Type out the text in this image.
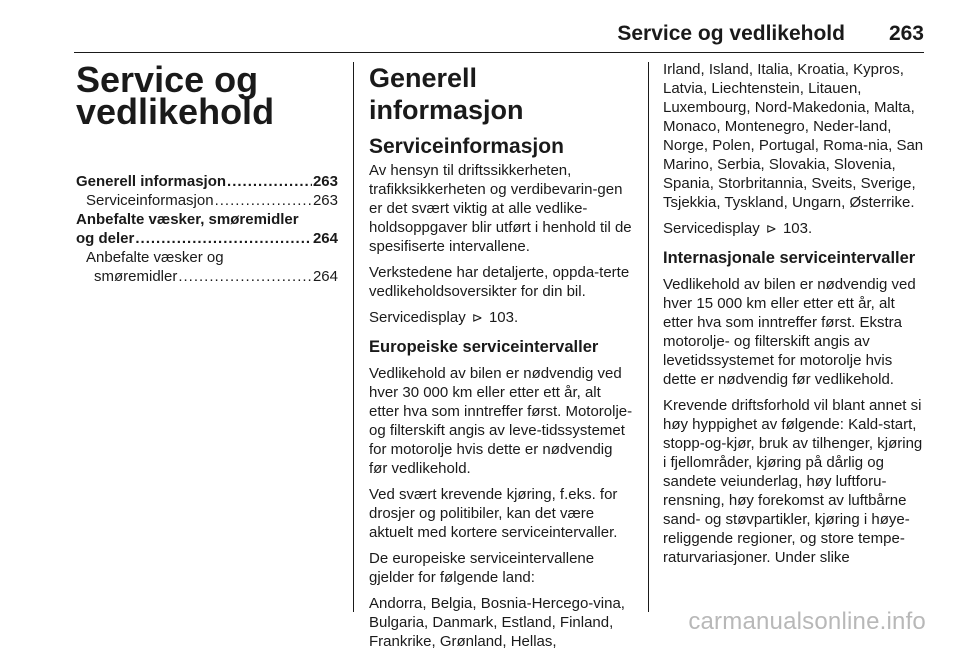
Service og vedlikehold 263
Service og
vedlikehold
Generell informasjon .....	263
Serviceinformasjon .....	263
Anbefalte væsker, smøremidler
og deler .....	264
Anbefalte væsker og
smøremidler .....	264
Generell informasjon
Serviceinformasjon

Av hensyn til driftssikkerheten, trafikksikkerheten og verdibevarin-gen er det svært viktig at alle vedlike-holdsoppgaver blir utført i henhold til de spesifiserte intervallene.

Verkstedene har detaljerte, oppda-terte vedlikeholdsoversikter for din bil.

Servicedisplay ⊳ 103.

Europeiske serviceintervaller

Vedlikehold av bilen er nødvendig ved hver 30 000 km eller etter ett år, alt etter hva som inntreffer først. Motorolje- og filterskift angis av leve-tidssystemet for motorolje hvis dette er nødvendig før vedlikehold.

Ved svært krevende kjøring, f.eks. for drosjer og politibiler, kan det være aktuelt med kortere serviceintervaller.

De europeiske serviceintervallene gjelder for følgende land:

Andorra, Belgia, Bosnia-Hercego-vina, Bulgaria, Danmark, Estland, Finland, Frankrike, Grønland, Hellas,

Irland, Island, Italia, Kroatia, Kypros, Latvia, Liechtenstein, Litauen, Luxembourg, Nord-Makedonia, Malta, Monaco, Montenegro, Neder-land, Norge, Polen, Portugal, Roma-nia, San Marino, Serbia, Slovakia, Slovenia, Spania, Storbritannia, Sveits, Sverige, Tsjekkia, Tyskland, Ungarn, Østerrike.

Servicedisplay ⊳ 103.

Internasjonale serviceintervaller

Vedlikehold av bilen er nødvendig ved hver 15 000 km eller etter ett år, alt etter hva som inntreffer først. Ekstra motorolje- og filterskift angis av levetidssystemet for motorolje hvis dette er nødvendig før vedlikehold.

Krevende driftsforhold vil blant annet si høy hyppighet av følgende: Kald-start, stopp-og-kjør, bruk av tilhenger, kjøring i fjellområder, kjøring på dårlig og sandete veiunderlag, høy luftforu-rensning, høy forekomst av luftbårne sand- og støvpartikler, kjøring i høye-religgende regioner, og store tempe-raturvariasjoner. Under slike

carmanualsonline.info
